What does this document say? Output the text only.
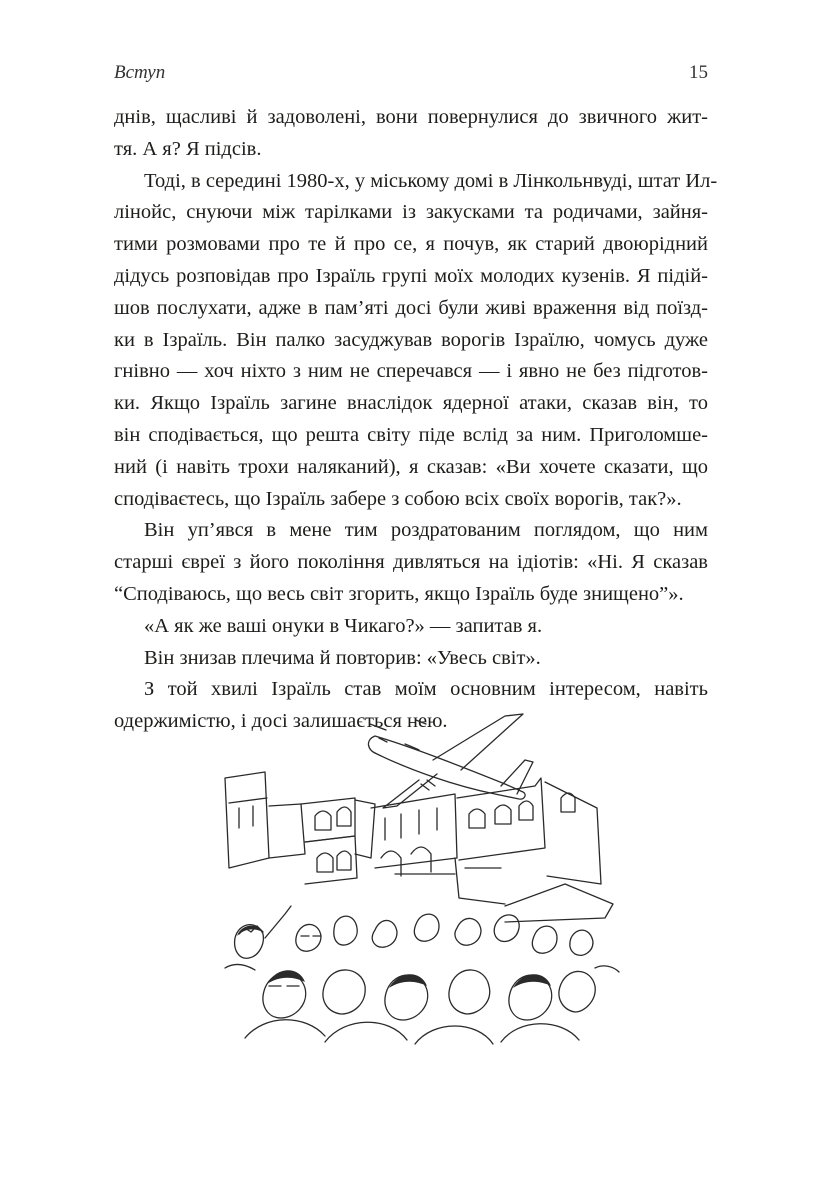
Вступ	15
днів, щасливі й задоволені, вони повернулися до звичного жит-
тя. А я? Я підсів.
Тоді, в середині 1980-х, у міському домі в Лінкольнвуді, штат Ил-
лінойс, снуючи між тарілками із закусками та родичами, зайня-
тими розмовами про те й про се, я почув, як старий двоюрідний
дідусь розповідав про Ізраїль групі моїх молодих кузенів. Я підій-
шов послухати, адже в пам’яті досі були живі враження від поїзд-
ки в Ізраїль. Він палко засуджував ворогів Ізраїлю, чомусь дуже
гнівно — хоч ніхто з ним не сперечався — і явно не без підготов-
ки. Якщо Ізраїль загине внаслідок ядерної атаки, сказав він, то
він сподівається, що решта світу піде вслід за ним. Приголомше-
ний (і навіть трохи наляканий), я сказав: «Ви хочете сказати, що
сподіваєтесь, що Ізраїль забере з собою всіх своїх ворогів, так?».
Він уп’явся в мене тим роздратованим поглядом, що ним
старші євреї з його покоління дивляться на ідіотів: «Ні. Я сказав
“Сподіваюсь, що весь світ згорить, якщо Ізраїль буде знищено”».
«А як же ваші онуки в Чикаго?» — запитав я.
Він знизав плечима й повторив: «Увесь світ».
З той хвилі Ізраїль став моїм основним інтересом, навіть
одержимістю, і досі залишається нею.
